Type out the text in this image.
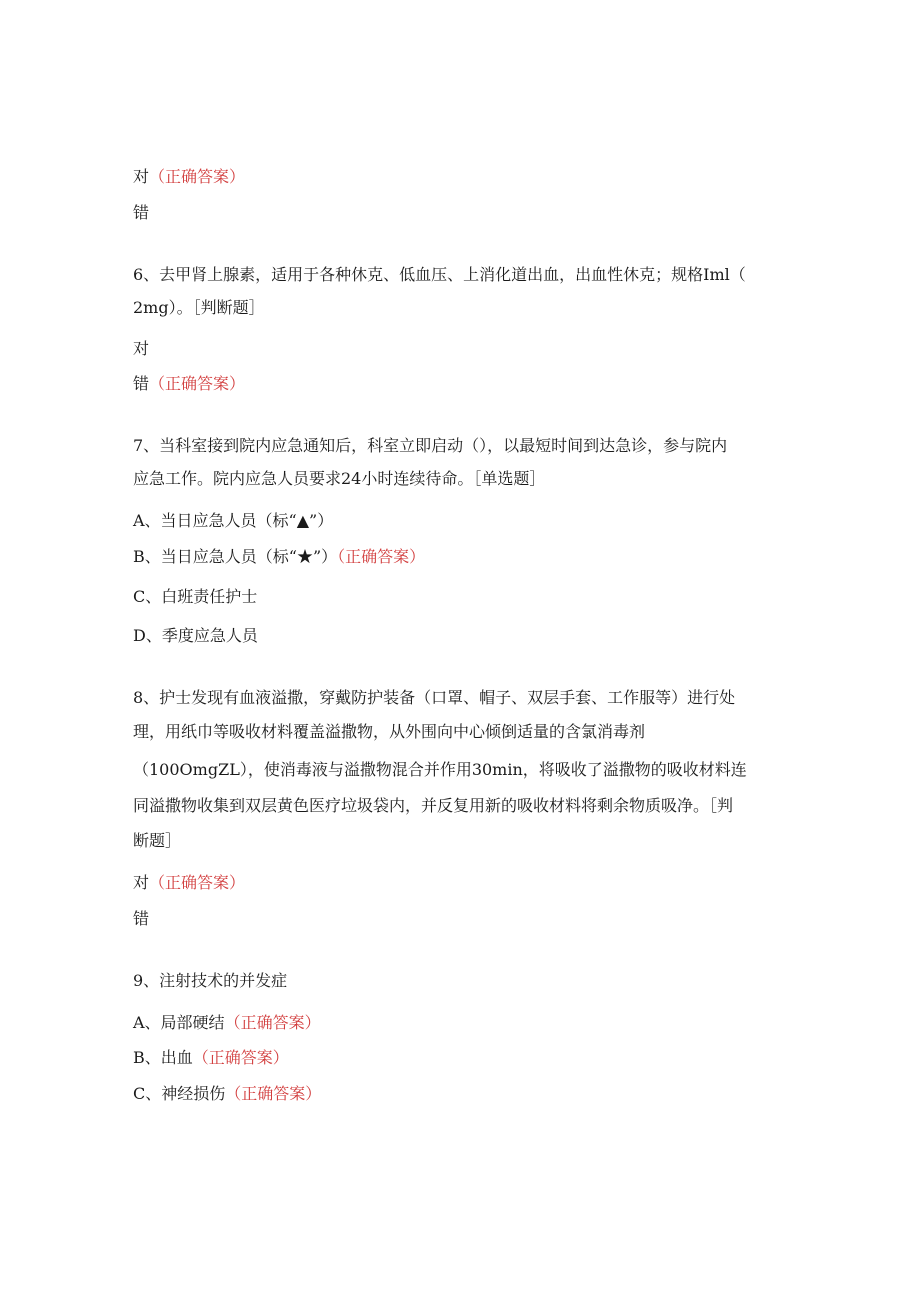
对（正确答案）
错
6、去甲肾上腺素，适用于各种休克、低血压、上消化道出血，出血性休克；规格Iml（
2mg）。［判断题］
对
错（正确答案）
7、当科室接到院内应急通知后，科室立即启动（），以最短时间到达急诊，参与院内
应急工作。院内应急人员要求24小时连续待命。［单选题］
A、当日应急人员（标“▲”）
B、当日应急人员（标“★”）（正确答案）
C、白班责任护士
D、季度应急人员
8、护士发现有血液溢撒，穿戴防护装备（口罩、帽子、双层手套、工作服等）进行处
理，用纸巾等吸收材料覆盖溢撒物，从外围向中心倾倒适量的含氯消毒剂
（100OmgZL），使消毒液与溢撒物混合并作用30min，将吸收了溢撒物的吸收材料连
同溢撒物收集到双层黄色医疗垃圾袋内，并反复用新的吸收材料将剩余物质吸净。［判
断题］
对（正确答案）
错
9、注射技术的并发症
A、局部硬结（正确答案）
B、出血（正确答案）
C、神经损伤（正确答案）
